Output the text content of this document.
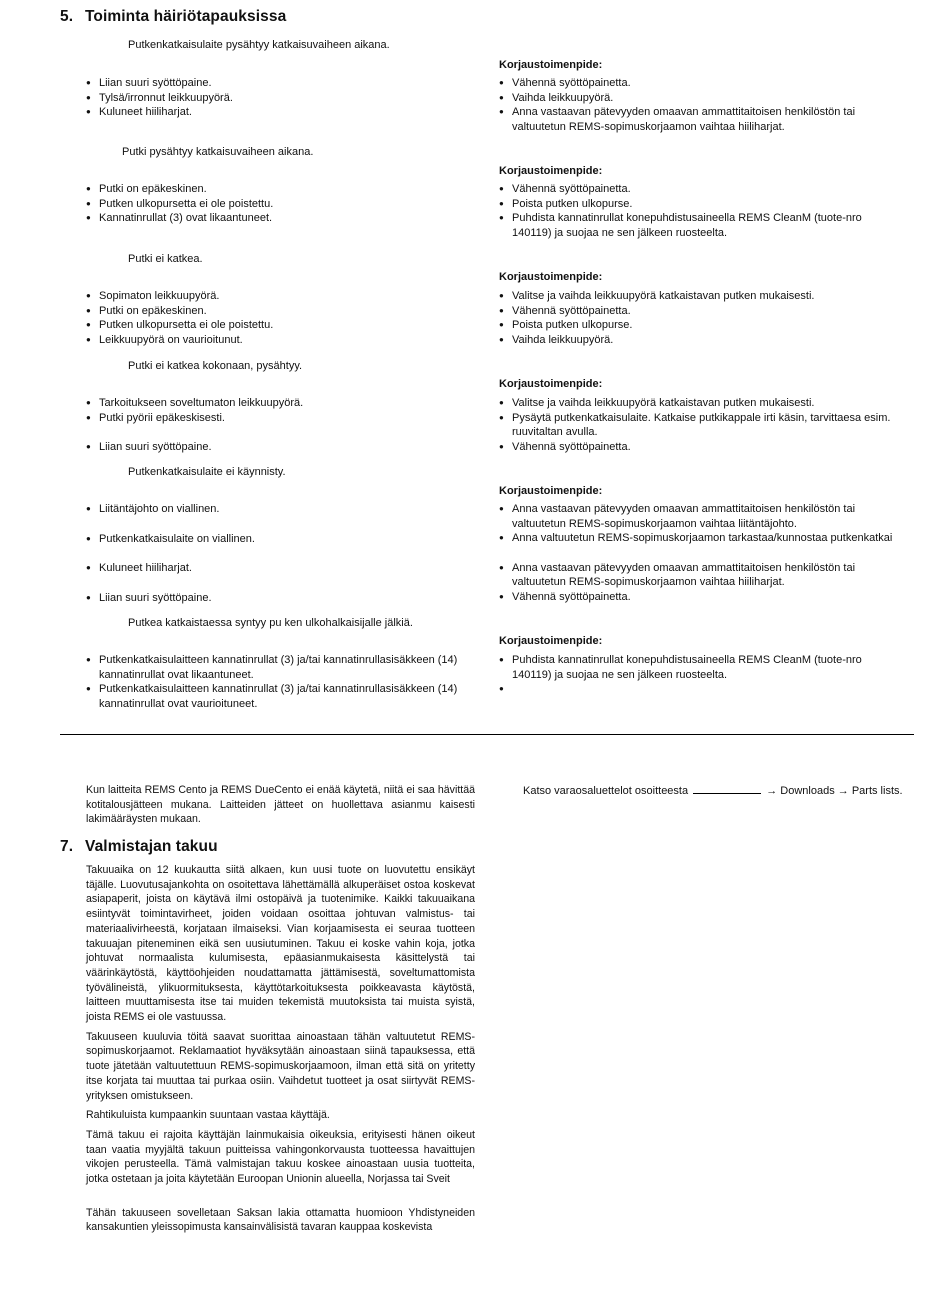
5. Toiminta häiriötapauksissa
Putkenkatkaisulaite pysähtyy katkaisuvaiheen aikana.
Korjaustoimenpide:
● Liian suuri syöttöpaine.
● Tylsä/irronnut leikkuupyörä.
● Kuluneet hiiliharjat.
● Vähennä syöttöpainetta.
● Vaihda leikkuupyörä.
● Anna vastaavan pätevyyden omaavan ammattitaitoisen henkilöstön tai valtuutetun REMS-sopimuskorjaamon vaihtaa hiiliharjat.
Putki pysähtyy katkaisuvaiheen aikana.
Korjaustoimenpide:
● Putki on epäkeskinen.
● Putken ulkopursetta ei ole poistettu.
● Kannatinrullat (3) ovat likaantuneet.
● Vähennä syöttöpainetta.
● Poista putken ulkopurse.
● Puhdista kannatinrullat konepuhdistusaineella REMS CleanM (tuote-nro 140119) ja suojaa ne sen jälkeen ruosteelta.
Putki ei katkea.
Korjaustoimenpide:
● Sopimaton leikkuupyörä.
● Putki on epäkeskinen.
● Putken ulkopursetta ei ole poistettu.
● Leikkuupyörä on vaurioitunut.
● Valitse ja vaihda leikkuupyörä katkaistavan putken mukaisesti.
● Vähennä syöttöpainetta.
● Poista putken ulkopurse.
● Vaihda leikkuupyörä.
Putki ei katkea kokonaan, pysähtyy.
Korjaustoimenpide:
● Tarkoitukseen soveltumaton leikkuupyörä.
● Putki pyörii epäkeskisesti.
● Liian suuri syöttöpaine.
● Valitse ja vaihda leikkuupyörä katkaistavan putken mukaisesti.
● Pysäytä putkenkatkaisulaite. Katkaise putkikappale irti käsin, tarvittaesa esim. ruuvitaltan avulla.
● Vähennä syöttöpainetta.
Putkenkatkaisulaite ei käynnisty.
Korjaustoimenpide:
● Liitäntäjohto on viallinen.
● Putkenkatkaisulaite on viallinen.
● Kuluneet hiiliharjat.
● Liian suuri syöttöpaine.
● Anna vastaavan pätevyyden omaavan ammattitaitoisen henkilöstön tai valtuutetun REMS-sopimuskorjaamon vaihtaa liitäntäjohto.
● Anna valtuutetun REMS-sopimuskorjaamon tarkastaa/kunnostaa putkenkatkai
● Anna vastaavan pätevyyden omaavan ammattitaitoisen henkilöstön tai valtuutetun REMS-sopimuskorjaamon vaihtaa hiiliharjat.
● Vähennä syöttöpainetta.
Putkea katkaistaessa syntyy pu ken ulkohalkaisijalle jälkiä.
Korjaustoimenpide:
● Putkenkatkaisulaitteen kannatinrullat (3) ja/tai kannatinrullasisäkkeen (14) kannatinrullat ovat likaantuneet.
● Putkenkatkaisulaitteen kannatinrullat (3) ja/tai kannatinrullasisäkkeen (14) kannatinrullat ovat vaurioituneet.
● Puhdista kannatinrullat konepuhdistusaineella REMS CleanM (tuote-nro 140119) ja suojaa ne sen jälkeen ruosteelta.
●

Kun laitteita REMS Cento ja REMS DueCento ei enää käytetä, niitä ei saa hävittää kotitalousjätteen mukana. Laitteiden jätteet on huollettava asianmu kaisesti lakimääräysten mukaan.

Katso varaosaluettelot osoitteesta	→ Downloads → Parts lists.
7. Valmistajan takuu

Takuuaika on 12 kuukautta siitä alkaen, kun uusi tuote on luovutettu ensikäyt täjälle. Luovutusajankohta on osoitettava lähettämällä alkuperäiset ostoa koskevat asiapaperit, joista on käytävä ilmi ostopäivä ja tuotenimike. Kaikki takuuaikana esiintyvät toimintavirheet, joiden voidaan osoittaa johtuvan valmistus- tai materiaalivirheestä, korjataan ilmaiseksi. Vian korjaamisesta ei seuraa tuotteen takuuajan piteneminen eikä sen uusiutuminen. Takuu ei koske vahin koja, jotka johtuvat normaalista kulumisesta, epäasianmukaisesta käsittelystä tai väärinkäytöstä, käyttöohjeiden noudattamatta jättämisestä, soveltumattomista työvälineistä, ylikuormituksesta, käyttötarkoituksesta poikkeavasta käytöstä, laitteen muuttamisesta itse tai muiden tekemistä muutoksista tai muista syistä, joista REMS ei ole vastuussa.

Takuuseen kuuluvia töitä saavat suorittaa ainoastaan tähän valtuutetut REMS-sopimuskorjaamot. Reklamaatiot hyväksytään ainoastaan siinä tapauksessa, että tuote jätetään valtuutettuun REMS-sopimuskorjaamoon, ilman että sitä on yritetty itse korjata tai muuttaa tai purkaa osiin. Vaihdetut tuotteet ja osat siirtyvät REMS-yrityksen omistukseen.

Rahtikuluista kumpaankin suuntaan vastaa käyttäjä.

Tämä takuu ei rajoita käyttäjän lainmukaisia oikeuksia, erityisesti hänen oikeut taan vaatia myyjältä takuun puitteissa vahingonkorvausta tuotteessa havaittujen vikojen perusteella. Tämä valmistajan takuu koskee ainoastaan uusia tuotteita, jotka ostetaan ja joita käytetään Euroopan Unionin alueella, Norjassa tai Sveit

Tähän takuuseen sovelletaan Saksan lakia ottamatta huomioon Yhdistyneiden kansakuntien yleissopimusta kansainvälisistä tavaran kauppaa koskevista
